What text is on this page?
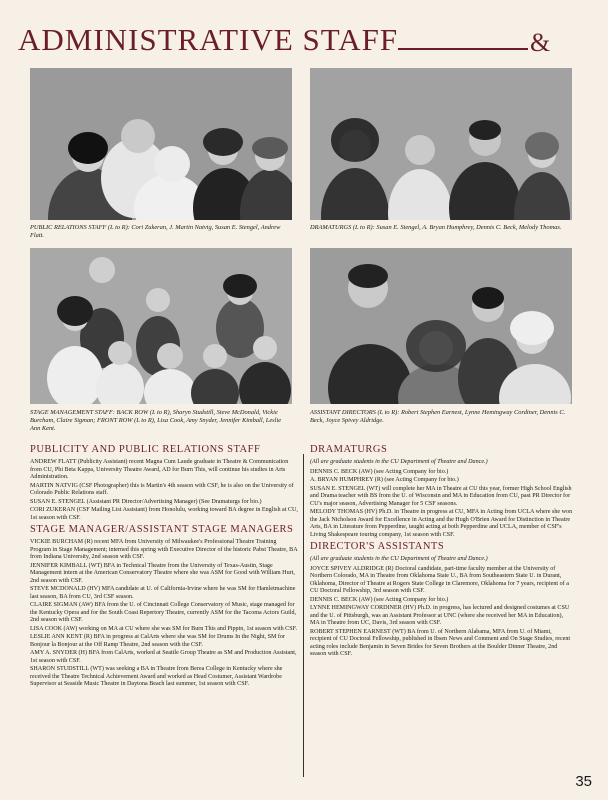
ADMINISTRATIVE STAFF	&
PUBLIC RELATIONS STAFF (L to R): Cori Zukeran, J. Martin Natvig, Susan E. Stengel, Andrew Flatt.
DRAMATURGS (L to R): Susan E. Stengel, A. Bryan Humphrey, Dennis C. Beck, Melody Thomas.
STAGE MANAGEMENT STAFF: BACK ROW (L to R), Sharyn Studstill, Steve McDonald, Vickie Burcham, Claire Sigman; FRONT ROW (L to R), Lisa Cook, Amy Snyder, Jennifer Kimball, Leslie Ann Kent.
ASSISTANT DIRECTORS (L to R): Robert Stephen Earnest, Lynne Hemingway Cordiner, Dennis C. Beck, Joyce Spivey Aldridge.
PUBLICITY AND PUBLIC RELATIONS STAFF

ANDREW FLATT (Publicity Assistant) recent Magna Cum Laude graduate in Theatre & Communication from CU, Phi Beta Kappa, University Theatre Award, AD for Burn This, will continue his studies in Arts Administration.

MARTIN NATVIG (CSF Photographer) this is Martin's 4th season with CSF, he is also on the University of Colorado Public Relations staff.

SUSAN E. STENGEL (Assistant PR Director/Advertising Manager) (See Dramaturgs for bio.)

CORI ZUKERAN (CSF Mailing List Assistant) from Honolulu, working toward BA degree in English at CU, 1st season with CSF.

STAGE MANAGER/ASSISTANT STAGE MANAGERS

VICKIE BURCHAM (R) recent MFA from University of Milwaukee's Professional Theatre Training Program in Stage Management; interned this spring with Executive Director of the historic Pabst Theatre, BA from Indiana University, 2nd season with CSF.

JENNIFER KIMBALL (WT) BFA in Technical Theatre from the University of Texas-Austin, Stage Management intern at the American Conservatory Theatre where she was ASM for Good with William Hurt, 2nd season with CSF.

STEVE MCDONALD (HV) MFA candidate at U. of California-Irvine where he was SM for Hamletmachine last season, BA from CU, 3rd CSF season.

CLAIRE SIGMAN (AW) BFA from the U. of Cincinnati College Conservatory of Music, stage managed for the Kentucky Opera and for the South Coast Repertory Theatre, currently ASM for the Tacoma Actors Guild, 2nd season with CSF.

LISA COOK (AW) working on MA at CU where she was SM for Burn This and Pippin, 1st season with CSF.

LESLIE ANN KENT (R) BFA in progress at CalArts where she was SM for Drums In the Night, SM for Bonjour la Bonjour at the Off Ramp Theatre, 2nd season with the CSF.

AMY A. SNYDER (H) BFA from CalArts, worked at Seattle Group Theatre as SM and Production Assistant, 1st season with CSF.

SHARON STUDSTILL (WT) was seeking a BA in Theatre from Berea College in Kentucky where she received the Theatre Technical Achievement Award and worked as Head Costumer, Assistant Wardrobe Supervisor at Seaside Music Theatre in Daytona Beach last summer, 1st season with CSF.

DRAMATURGS

(All are graduate students in the CU Department of Theatre and Dance.)

DENNIS C. BECK (AW) (see Acting Company for bio.)

A. BRYAN HUMPHREY (R) (see Acting Company for bio.)

SUSAN E. STENGEL (WT) will complete her MA in Theatre at CU this year, former High School English and Drama teacher with BS from the U. of Wisconsin and MA in Education from CU, past PR Director for CU's major season, Advertising Manager for 5 CSF seasons.

MELODY THOMAS (HV) Ph.D. in Theatre in progress at CU, MFA in Acting from UCLA where she won the Jack Nicholson Award for Excellence in Acting and the Hugh O'Brien Award for Distinction in Theatre Arts, BA in Literature from Pepperdine, taught acting at both Pepperdine and UCLA, member of CSF's Living Shakespeare touring company, 1st season with CSF.

DIRECTOR'S ASSISTANTS

(All are graduate students in the CU Department of Theatre and Dance.)

JOYCE SPIVEY ALDRIDGE (R) Doctoral candidate, part-time faculty member at the University of Northern Colorado, MA in Theatre from Oklahoma State U., BA from Southeastern State U. in Durant, Oklahoma, Director of Theatre at Rogers State College in Claremore, Oklahoma for 7 years, recipient of a CU Doctoral Fellowship, 3rd season with CSF.

DENNIS C. BECK (AW) (see Acting Company for bio.)

LYNNE HEMINGWAY CORDINER (HV) Ph.D. in progress, has lectured and designed costumes at CSU and the U. of Pittsburgh, was an Assistant Professor at UNC (where she received her MA in Education), MA in Theatre from UC, Davis, 3rd season with CSF.

ROBERT STEPHEN EARNEST (WT) BA from U. of Northern Alabama, MFA from U. of Miami, recipient of CU Doctoral Fellowship, published in Ibsen News and Comment and On Stage Studies, recent acting roles include Benjamin in Seven Brides for Seven Brothers at the Boulder Dinner Theatre, 2nd season with CSF.

35
